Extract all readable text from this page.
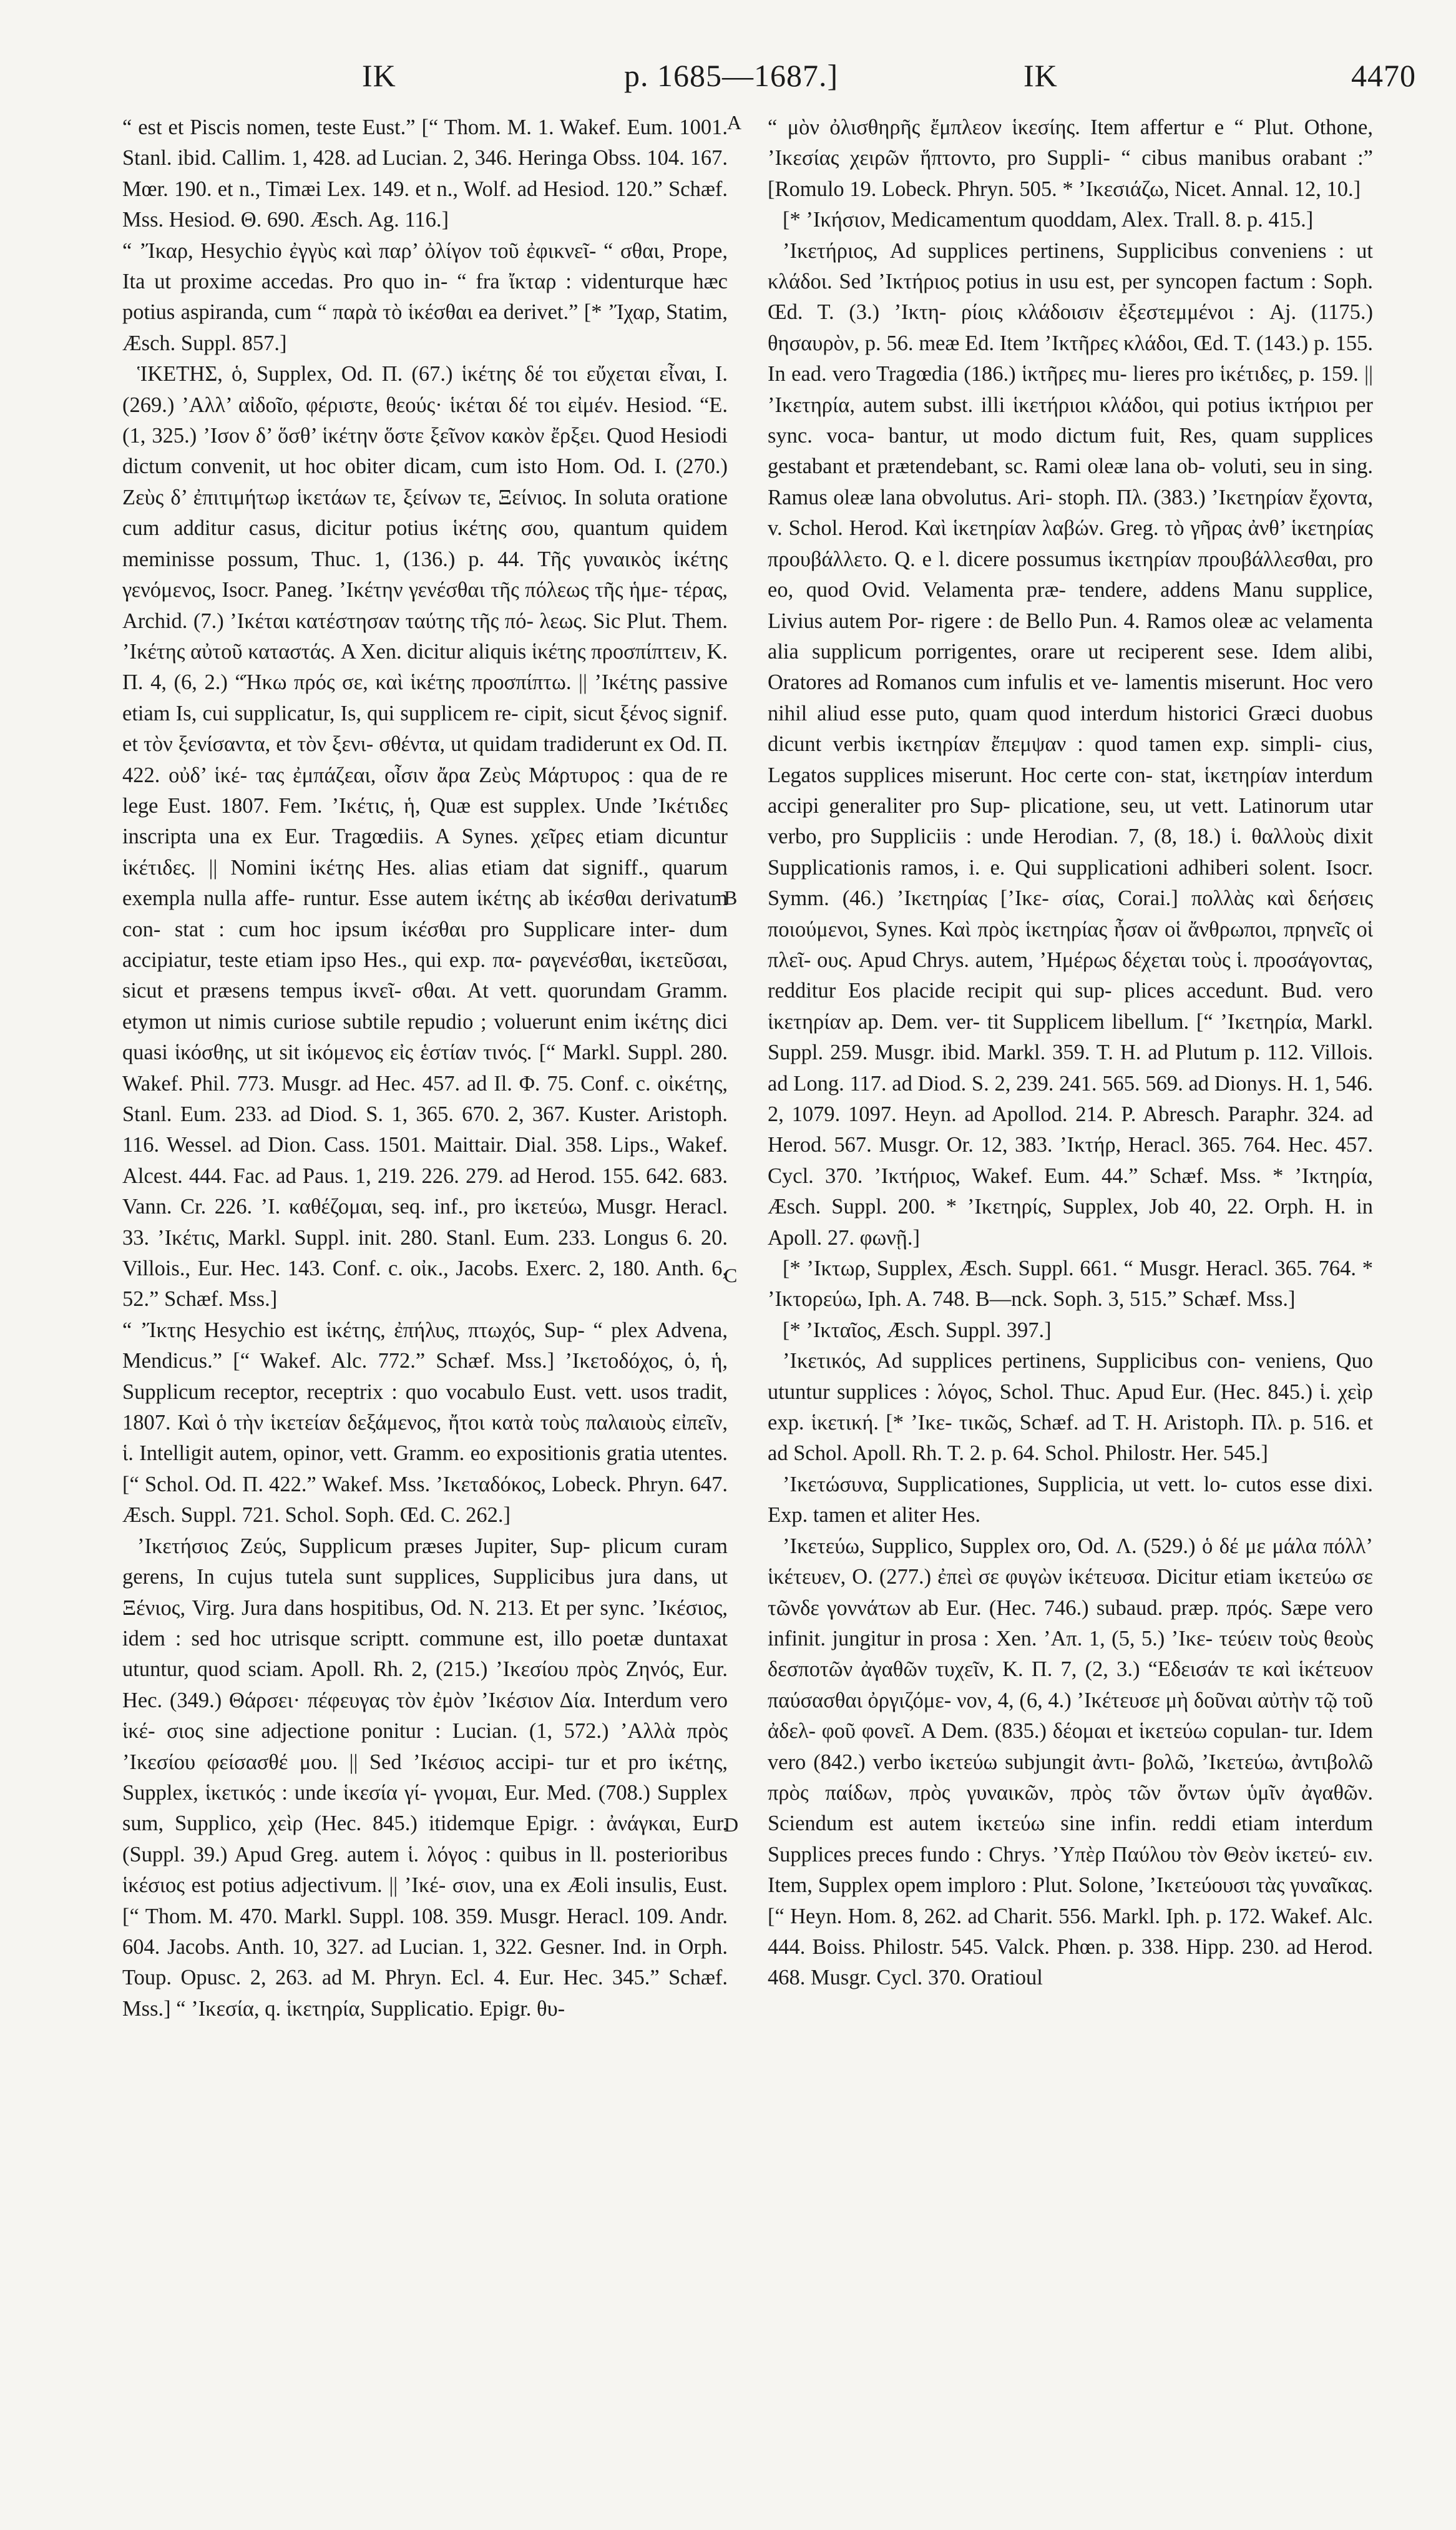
IK	p. 1685—1687.]	IK	4470
A
B
C
D

“ est et Piscis nomen, teste Eust.” [“ Thom. M. 1. Wakef. Eum. 1001. Stanl. ibid. Callim. 1, 428. ad Lucian. 2, 346. Heringa Obss. 104. 167. Mœr. 190. et n., Timæi Lex. 149. et n., Wolf. ad Hesiod. 120.” Schæf. Mss. Hesiod. Θ. 690. Æsch. Ag. 116.]

“ ’Ίκαρ, Hesychio ἐγγὺς καὶ παρ’ ὀλίγον τοῦ ἐφικνεῖ- “ σθαι, Prope, Ita ut proxime accedas. Pro quo in- “ fra ἴκταρ : videnturque hæc potius aspiranda, cum “ παρὰ τὸ ἱκέσθαι ea derivet.” [* ’Ίχαρ, Statim, Æsch. Suppl. 857.]

ἹΚΕΤΗΣ, ὁ, Supplex, Od. Π. (67.) ἱκέτης δέ τοι εὔχεται εἶναι, I. (269.) ’Αλλ’ αἰδοῖο, φέριστε, θεούς· ἱκέται δέ τοι εἰμέν. Hesiod. “E. (1, 325.) ’Ισον δ’ ὅσθ’ ἱκέτην ὅστε ξεῖνον κακὸν ἔρξει. Quod Hesiodi dictum convenit, ut hoc obiter dicam, cum isto Hom. Od. I. (270.) Ζεὺς δ’ ἐπιτιμήτωρ ἱκετάων τε, ξείνων τε, Ξείνιος. In soluta oratione cum additur casus, dicitur potius ἱκέτης σου, quantum quidem meminisse possum, Thuc. 1, (136.) p. 44. Τῆς γυναικὸς ἱκέτης γενόμενος, Isocr. Paneg. ’Ικέτην γενέσθαι τῆς πόλεως τῆς ἡμε- τέρας, Archid. (7.) ’Ικέται κατέστησαν ταύτης τῆς πό- λεως. Sic Plut. Them. ’Ικέτης αὐτοῦ καταστάς. A Xen. dicitur aliquis ἱκέτης προσπίπτειν, K. Π. 4, (6, 2.) “Ήκω πρός σε, καὶ ἱκέτης προσπίπτω. || ’Ικέτης passive etiam Is, cui supplicatur, Is, qui supplicem re- cipit, sicut ξένος signif. et τὸν ξενίσαντα, et τὸν ξενι- σθέντα, ut quidam tradiderunt ex Od. Π. 422. οὐδ’ ἱκέ- τας ἐμπάζεαι, οἶσιν ἄρα Ζεὺς Μάρτυρος : qua de re lege Eust. 1807. Fem. ’Ικέτις, ἡ, Quæ est supplex. Unde ’Ικέτιδες inscripta una ex Eur. Tragœdiis. A Synes. χεῖρες etiam dicuntur ἱκέτιδες. || Nomini ἱκέτης Hes. alias etiam dat signiff., quarum exempla nulla affe- runtur. Esse autem ἱκέτης ab ἱκέσθαι derivatum con- stat : cum hoc ipsum ἱκέσθαι pro Supplicare inter- dum accipiatur, teste etiam ipso Hes., qui exp. πα- ραγενέσθαι, ἱκετεῦσαι, sicut et præsens tempus ἱκνεῖ- σθαι. At vett. quorundam Gramm. etymon ut nimis curiose subtile repudio ; voluerunt enim ἱκέτης dici quasi ἱκόσθης, ut sit ἱκόμενος εἰς ἑστίαν τινός. [“ Markl. Suppl. 280. Wakef. Phil. 773. Musgr. ad Hec. 457. ad Il. Φ. 75. Conf. c. οἰκέτης, Stanl. Eum. 233. ad Diod. S. 1, 365. 670. 2, 367. Kuster. Aristoph. 116. Wessel. ad Dion. Cass. 1501. Maittair. Dial. 358. Lips., Wakef. Alcest. 444. Fac. ad Paus. 1, 219. 226. 279. ad Herod. 155. 642. 683. Vann. Cr. 226. ’Ι. καθέζομαι, seq. inf., pro ἱκετεύω, Musgr. Heracl. 33. ’Ικέτις, Markl. Suppl. init. 280. Stanl. Eum. 233. Longus 6. 20. Villois., Eur. Hec. 143. Conf. c. οἰκ., Jacobs. Exerc. 2, 180. Anth. 6, 52.” Schæf. Mss.]

“ ’Ίκτης Hesychio est ἱκέτης, ἐπήλυς, πτωχός, Sup- “ plex Advena, Mendicus.” [“ Wakef. Alc. 772.” Schæf. Mss.] ’Ικετοδόχος, ὁ, ἡ, Supplicum receptor, receptrix : quo vocabulo Eust. vett. usos tradit, 1807. Καὶ ὁ τὴν ἱκετείαν δεξάμενος, ἤτοι κατὰ τοὺς παλαιοὺς εἰπεῖν, ἱ. Intelligit autem, opinor, vett. Gramm. eo expositionis gratia utentes. [“ Schol. Od. Π. 422.” Wakef. Mss. ’Ικεταδόκος, Lobeck. Phryn. 647. Æsch. Suppl. 721. Schol. Soph. Œd. C. 262.]

’Ικετήσιος Ζεύς, Supplicum præses Jupiter, Sup- plicum curam gerens, In cujus tutela sunt supplices, Supplicibus jura dans, ut Ξένιος, Virg. Jura dans hospitibus, Od. N. 213. Et per sync. ’Ικέσιος, idem : sed hoc utrisque scriptt. commune est, illo poetæ duntaxat utuntur, quod sciam. Apoll. Rh. 2, (215.) ’Ικεσίου πρὸς Ζηνός, Eur. Hec. (349.) Θάρσει· πέφευγας τὸν ἐμὸν ’Ικέσιον Δία. Interdum vero ἱκέ- σιος sine adjectione ponitur : Lucian. (1, 572.) ’Αλλὰ πρὸς ’Ικεσίου φείσασθέ μου. || Sed ’Ικέσιος accipi- tur et pro ἱκέτης, Supplex, ἱκετικός : unde ἱκεσία γί- γνομαι, Eur. Med. (708.) Supplex sum, Supplico, χεὶρ (Hec. 845.) itidemque Epigr. : ἀνάγκαι, Eur. (Suppl. 39.) Apud Greg. autem ἱ. λόγος : quibus in ll. posterioribus ἱκέσιος est potius adjectivum. || ’Ικέ- σιον, una ex Æoli insulis, Eust. [“ Thom. M. 470. Markl. Suppl. 108. 359. Musgr. Heracl. 109. Andr. 604. Jacobs. Anth. 10, 327. ad Lucian. 1, 322. Gesner. Ind. in Orph. Toup. Opusc. 2, 263. ad M. Phryn. Ecl. 4. Eur. Hec. 345.” Schæf. Mss.] “ ’Ικεσία, q. ἱκετηρία, Supplicatio. Epigr. θυ-

“ μὸν ὀλισθηρῆς ἔμπλεον ἱκεσίης. Item affertur e “ Plut. Othone, ’Ικεσίας χειρῶν ἥπτοντο, pro Suppli- “ cibus manibus orabant :” [Romulo 19. Lobeck. Phryn. 505. * ’Ικεσιάζω, Nicet. Annal. 12, 10.]

[* ’Ικήσιον, Medicamentum quoddam, Alex. Trall. 8. p. 415.]

’Ικετήριος, Ad supplices pertinens, Supplicibus conveniens : ut κλάδοι. Sed ’Ικτήριος potius in usu est, per syncopen factum : Soph. Œd. T. (3.) ’Ικτη- ρίοις κλάδοισιν ἐξεστεμμένοι : Aj. (1175.) θησαυρὸν, p. 56. meæ Ed. Item ’Ικτῆρες κλάδοι, Œd. T. (143.) p. 155. In ead. vero Tragœdia (186.) ἱκτῆρες mu- lieres pro ἱκέτιδες, p. 159. || ’Ικετηρία, autem subst. illi ἱκετήριοι κλάδοι, qui potius ἱκτήριοι per sync. voca- bantur, ut modo dictum fuit, Res, quam supplices gestabant et prætendebant, sc. Rami oleæ lana ob- voluti, seu in sing. Ramus oleæ lana obvolutus. Ari- stoph. Πλ. (383.) ’Ικετηρίαν ἔχοντα, v. Schol. Herod. Καὶ ἱκετηρίαν λαβών. Greg. τὸ γῆρας ἀνθ’ ἱκετηρίας προυβάλλετο. Q. e l. dicere possumus ἱκετηρίαν προυβάλλεσθαι, pro eo, quod Ovid. Velamenta præ- tendere, addens Manu supplice, Livius autem Por- rigere : de Bello Pun. 4. Ramos oleæ ac velamenta alia supplicum porrigentes, orare ut reciperent sese. Idem alibi, Oratores ad Romanos cum infulis et ve- lamentis miserunt. Hoc vero nihil aliud esse puto, quam quod interdum historici Græci duobus dicunt verbis ἱκετηρίαν ἔπεμψαν : quod tamen exp. simpli- cius, Legatos supplices miserunt. Hoc certe con- stat, ἱκετηρίαν interdum accipi generaliter pro Sup- plicatione, seu, ut vett. Latinorum utar verbo, pro Suppliciis : unde Herodian. 7, (8, 18.) ἱ. θαλλοὺς dixit Supplicationis ramos, i. e. Qui supplicationi adhiberi solent. Isocr. Symm. (46.) ’Ικετηρίας [’Ικε- σίας, Corai.] πολλὰς καὶ δεήσεις ποιούμενοι, Synes. Καὶ πρὸς ἱκετηρίας ἦσαν οἱ ἄνθρωποι, πρηνεῖς οἱ πλεῖ- ους. Apud Chrys. autem, ’Ημέρως δέχεται τοὺς ἱ. προσάγοντας, redditur Eos placide recipit qui sup- plices accedunt. Bud. vero ἱκετηρίαν ap. Dem. ver- tit Supplicem libellum. [“ ’Ικετηρία, Markl. Suppl. 259. Musgr. ibid. Markl. 359. T. H. ad Plutum p. 112. Villois. ad Long. 117. ad Diod. S. 2, 239. 241. 565. 569. ad Dionys. H. 1, 546. 2, 1079. 1097. Heyn. ad Apollod. 214. P. Abresch. Paraphr. 324. ad Herod. 567. Musgr. Or. 12, 383. ’Ικτήρ, Heracl. 365. 764. Hec. 457. Cycl. 370. ’Ικτήριος, Wakef. Eum. 44.” Schæf. Mss. * ’Ικτηρία, Æsch. Suppl. 200. * ’Ικετηρίς, Supplex, Job 40, 22. Orph. H. in Apoll. 27. φωνῇ.]

[* ’Ικτωρ, Supplex, Æsch. Suppl. 661. “ Musgr. Heracl. 365. 764. * ’Ικτορεύω, Iph. A. 748. B—nck. Soph. 3, 515.” Schæf. Mss.]

[* ’Ικταῖος, Æsch. Suppl. 397.]

’Ικετικός, Ad supplices pertinens, Supplicibus con- veniens, Quo utuntur supplices : λόγος, Schol. Thuc. Apud Eur. (Hec. 845.) ἱ. χεὶρ exp. ἱκετική. [* ’Ικε- τικῶς, Schæf. ad T. H. Aristoph. Πλ. p. 516. et ad Schol. Apoll. Rh. T. 2. p. 64. Schol. Philostr. Her. 545.]

’Ικετώσυνα, Supplicationes, Supplicia, ut vett. lo- cutos esse dixi. Exp. tamen et aliter Hes.

’Ικετεύω, Supplico, Supplex oro, Od. Λ. (529.) ὁ δέ με μάλα πόλλ’ ἱκέτευεν, O. (277.) ἐπεὶ σε φυγὼν ἱκέτευσα. Dicitur etiam ἱκετεύω σε τῶνδε γοννάτων ab Eur. (Hec. 746.) subaud. præp. πρός. Sæpe vero infinit. jungitur in prosa : Xen. ’Aπ. 1, (5, 5.) ’Ικε- τεύειν τοὺς θεοὺς δεσποτῶν ἀγαθῶν τυχεῖν, K. Π. 7, (2, 3.) “Εδεισάν τε καὶ ἱκέτευον παύσασθαι ὀργιζόμε- νον, 4, (6, 4.) ’Ικέτευσε μὴ δοῦναι αὐτὴν τῷ τοῦ ἀδελ- φοῦ φονεῖ. A Dem. (835.) δέομαι et ἱκετεύω copulan- tur. Idem vero (842.) verbo ἱκετεύω subjungit ἀντι- βολῶ, ’Ικετεύω, ἀντιβολῶ πρὸς παίδων, πρὸς γυναικῶν, πρὸς τῶν ὄντων ὑμῖν ἀγαθῶν. Sciendum est autem ἱκετεύω sine infin. reddi etiam interdum Supplices preces fundo : Chrys. ’Υπὲρ Παύλου τὸν Θεὸν ἱκετεύ- ειν. Item, Supplex opem imploro : Plut. Solone, ’Ικετεύουσι τὰς γυναῖκας. [“ Heyn. Hom. 8, 262. ad Charit. 556. Markl. Iph. p. 172. Wakef. Alc. 444. Boiss. Philostr. 545. Valck. Phœn. p. 338. Hipp. 230. ad Herod. 468. Musgr. Cycl. 370. Oratioul
